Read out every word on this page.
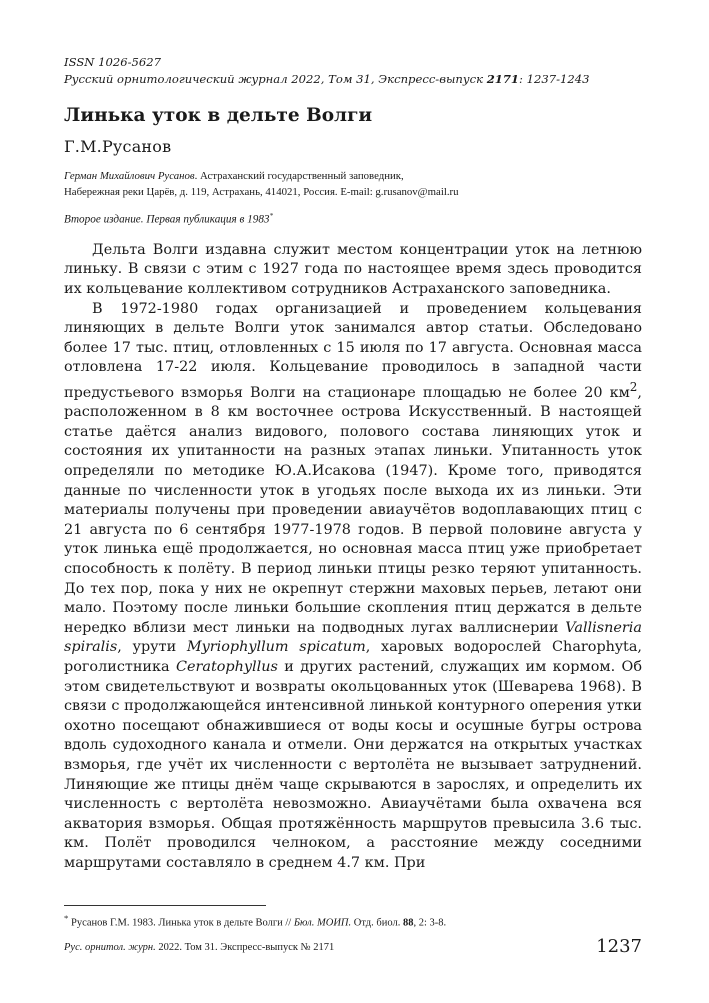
ISSN 1026-5627
Русский орнитологический журнал 2022, Том 31, Экспресс-выпуск 2171: 1237-1243
Линька уток в дельте Волги
Г.М.Русанов
Герман Михайлович Русанов. Астраханский государственный заповедник,
Набережная реки Царёв, д. 119, Астрахань, 414021, Россия. E-mail: g.rusanov@mail.ru
Второе издание. Первая публикация в 1983*

Дельта Волги издавна служит местом концентрации уток на летнюю линьку. В связи с этим с 1927 года по настоящее время здесь проводится их кольцевание коллективом сотрудников Астраханского заповедника.

В 1972-1980 годах организацией и проведением кольцевания линяющих в дельте Волги уток занимался автор статьи. Обследовано более 17 тыс. птиц, отловленных с 15 июля по 17 августа. Основная масса отловлена 17-22 июля. Кольцевание проводилось в западной части предустьевого взморья Волги на стационаре площадью не более 20 $км^2$, расположенном в 8 км восточнее острова Искусственный. В настоящей статье даётся анализ видового, полового состава линяющих уток и состояния их упитанности на разных этапах линьки. Упитанность уток определяли по методике Ю.А.Исакова (1947). Кроме того, приводятся данные по численности уток в угодьях после выхода их из линьки. Эти материалы получены при проведении авиаучётов водоплавающих птиц с 21 августа по 6 сентября 1977-1978 годов. В первой половине августа у уток линька ещё продолжается, но основная масса птиц уже приобретает способность к полёту. В период линьки птицы резко теряют упитанность. До тех пор, пока у них не окрепнут стержни маховых перьев, летают они мало. Поэтому после линьки большие скопления птиц держатся в дельте нередко вблизи мест линьки на подводных лугах валлиснерии Vallisneria spiralis, урути Myriophyllum spicatum, харовых водорослей Charophyta, роголистника Ceratophyllus и других растений, служащих им кормом. Об этом свидетельствуют и возвраты окольцованных уток (Шеварева 1968). В связи с продолжающейся интенсивной линькой контурного оперения утки охотно посещают обнажившиеся от воды косы и осушные бугры острова вдоль судоходного канала и отмели. Они держатся на открытых участках взморья, где учёт их численности с вертолёта не вызывает затруднений. Линяющие же птицы днём чаще скрываются в зарослях, и определить их численность с вертолёта невозможно. Авиаучётами была охвачена вся акватория взморья. Общая протяжённость маршрутов превысила 3.6 тыс. км. Полёт проводился челноком, а расстояние между соседними маршрутами составляло в среднем 4.7 км. При

* Русанов Г.М. 1983. Линька уток в дельте Волги // Бюл. МОИП. Отд. биол. 88, 2: 3-8.
Рус. орнитол. журн. 2022. Том 31. Экспресс-выпуск № 2171	1237
